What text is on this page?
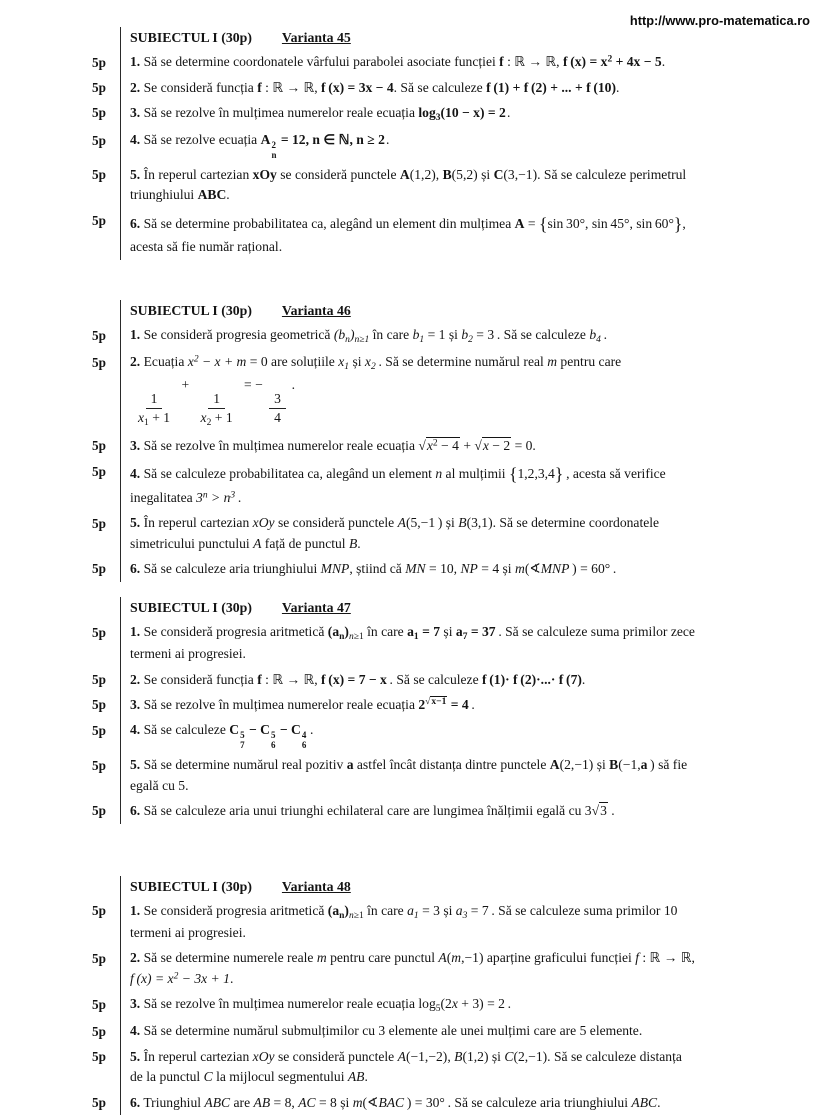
http://www.pro-matematica.ro
SUBIECTUL I (30p) Varianta 45
5p	1. Să se determine coordonatele vârfului parabolei asociate funcției f : ℝ → ℝ, f $(x) = x^2 + 4x - 5$.
5p	2. Se consideră funcția f : ℝ → ℝ, f (x) = 3x − 4. Să se calculeze f (1) + f (2) + ... + f (10).
5p	3. Să se rezolve în mulțimea numerelor reale ecuația $\log_3(10 - x) = 2$ .
5p	4. Să se rezolve ecuația A 2
n
= 12, n ∈ ℕ, n ≥ 2 .
5p	5. În reperul cartezian xOy se consideră punctele A(1,2), B(5,2) și C(3,−1). Să se calculeze perimetrul
triunghiului ABC.
5p	6. Să se determine probabilitatea ca, alegând un element din mulțimea A = {sin 30°, sin 45°, sin 60°},
acesta să fie număr rațional.
SUBIECTUL I (30p) Varianta 46
5p	1. Se consideră progresia geometrică $(b_n)_{n\ge 1}$ în care $b_1 = 1$ și $b_2 = 3$ . Să se calculeze $b_4$ .
5p	2. Ecuația $x^2 - x + m = 0$ are soluțiile $x_1$ și $x_2$ . Să se determine numărul real m pentru care

$\frac{1}{x_1 + 1}$
+
$\frac{1}{x_2 + 1}$
= −
$\frac{3}{4}$
 .
5p	3. Să se rezolve în mulțimea numerelor reale ecuația $√x^2 - 4 + √x - 2 = 0$.
5p	4. Să se calculeze probabilitatea ca, alegând un element n al mulțimii {1,2,3,4} , acesta să verifice
inegalitatea $3^n > n^3$ .
5p	5. În reperul cartezian xOy se consideră punctele A(5,−1 ) și B(3,1). Să se determine coordonatele
simetricului punctului A față de punctul B.
5p	6. Să se calculeze aria triunghiului MNP, știind că MN = 10, NP = 4 și m(∢MNP ) = 60° .
SUBIECTUL I (30p) Varianta 47
5p	1. Se consideră progresia aritmetică $(a_n)_{n\ge 1}$ în care $a_1 = 7$ și $a_7 = 37$ . Să se calculeze suma primilor zece
termeni ai progresiei.
5p	2. Se consideră funcția f : ℝ → ℝ, f (x) = 7 − x . Să se calculeze f (1)· f (2)·...· f (7).
5p	3. Să se rezolve în mulțimea numerelor reale ecuația $2^{√x-1} = 4$ .
5p	4. Să se calculeze C 5
7
− C 5
6
− C 4
6
 .
5p	5. Să se determine numărul real pozitiv a astfel încât distanța dintre punctele A(2,−1) și B(−1,a ) să fie
egală cu 5.
5p	6. Să se calculeze aria unui triunghi echilateral care are lungimea înălțimii egală cu 3√3 .
SUBIECTUL I (30p) Varianta 48
5p	1. Se consideră progresia aritmetică $(a_n)_{n\ge 1}$ în care $a_1 = 3$ și $a_3 = 7$ . Să se calculeze suma primilor 10
termeni ai progresiei.
5p	2. Să se determine numerele reale m pentru care punctul A(m,−1) aparține graficului funcției f : ℝ → ℝ,
f $(x) = x^2 - 3x + 1$.
5p	3. Să se rezolve în mulțimea numerelor reale ecuația $\log_5(2x + 3) = 2$ .
5p	4. Să se determine numărul submulțimilor cu 3 elemente ale unei mulțimi care are 5 elemente.
5p	5. În reperul cartezian xOy se consideră punctele A(−1,−2), B(1,2) și C(2,−1). Să se calculeze distanța
de la punctul C la mijlocul segmentului AB.
5p	6. Triunghiul ABC are AB = 8, AC = 8 și m(∢BAC ) = 30° . Să se calculeze aria triunghiului ABC.
